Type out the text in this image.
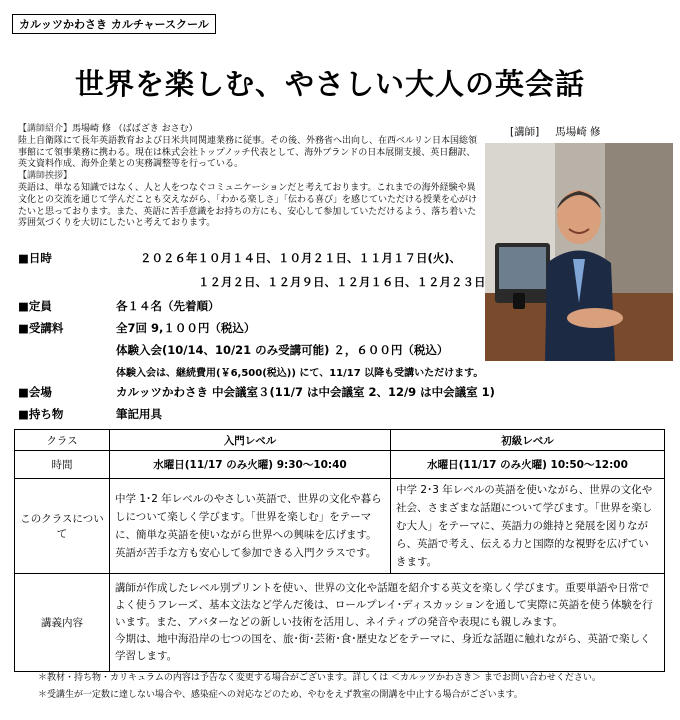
カルッツかわさき カルチャースクール
世界を楽しむ、やさしい大人の英会話
【講師紹介】馬場崎 修 （ばばざき おさむ）
陸上自衛隊にて長年英語教育および日米共同関連業務に従事。その後、外務省へ出向し、在西ベルリン日本国総領事館にて領事業務に携わる。現在は株式会社トップノッチ代表として、海外ブランドの日本展開支援、英日翻訳、英文資料作成、海外企業との実務調整等を行っている。
【講師挨拶】
英語は、単なる知識ではなく、人と人をつなぐコミュニケーションだと考えております。これまでの海外経験や異文化との交流を通じて学んだことも交えながら、「わかる楽しさ」「伝わる喜び」を感じていただける授業を心がけたいと思っております。また、英語に苦手意識をお持ちの方にも、安心して参加していただけるよう、落ち着いた雰囲気づくりを大切にしたいと考えております。
[講師] 馬場崎 修
■日時	２０２６年１０月１４日、１０月２１日、１１月１７日(火)、
１２月２日、１２月９日、１２月１６日、１２月２３日
■定員	各１４名（先着順）
■受講料	全7回 9,１００円（税込）
体験入会(10/14、10/21 のみ受講可能) ２，６００円（税込）
体験入会は、継続費用(￥6,500(税込)) にて、11/17 以降も受講いただけます。
■会場	カルッツかわさき 中会議室３(11/7 は中会議室 2、12/9 は中会議室 1)
■持ち物	筆記用具
クラス	入門レベル	初級レベル
時間	水曜日(11/17 のみ火曜) 9:30～10:40	水曜日(11/17 のみ火曜) 10:50～12:00
このクラスについて	中学 1･2 年レベルのやさしい英語で、世界の文化や暮らしについて楽しく学びます。「世界を楽しむ」をテーマに、簡単な英語を使いながら世界への興味を広げます。英語が苦手な方も安心して参加できる入門クラスです。	中学 2･3 年レベルの英語を使いながら、世界の文化や社会、さまざまな話題について学びます。「世界を楽しむ大人」をテーマに、英語力の維持と発展を図りながら、英語で考え、伝える力と国際的な視野を広げていきます。
講義内容	講師が作成したレベル別プリントを使い、世界の文化や話題を紹介する英文を楽しく学びます。重要単語や日常でよく使うフレーズ、基本文法など学んだ後は、ロールプレイ･ディスカッションを通して実際に英語を使う体験を行います。また、アバターなどの新しい技術を活用し、ネイティブの発音や表現にも親しみます。
今期は、地中海沿岸の七つの国を、旅･街･芸術･食･歴史などをテーマに、身近な話題に触れながら、英語で楽しく学習します。	
＊教材・持ち物・カリキュラムの内容は予告なく変更する場合がございます。詳しくは ＜カルッツかわさき＞ までお問い合わせください。
＊受講生が一定数に達しない場合や、感染症への対応などのため、やむをえず教室の開講を中止する場合がございます。
